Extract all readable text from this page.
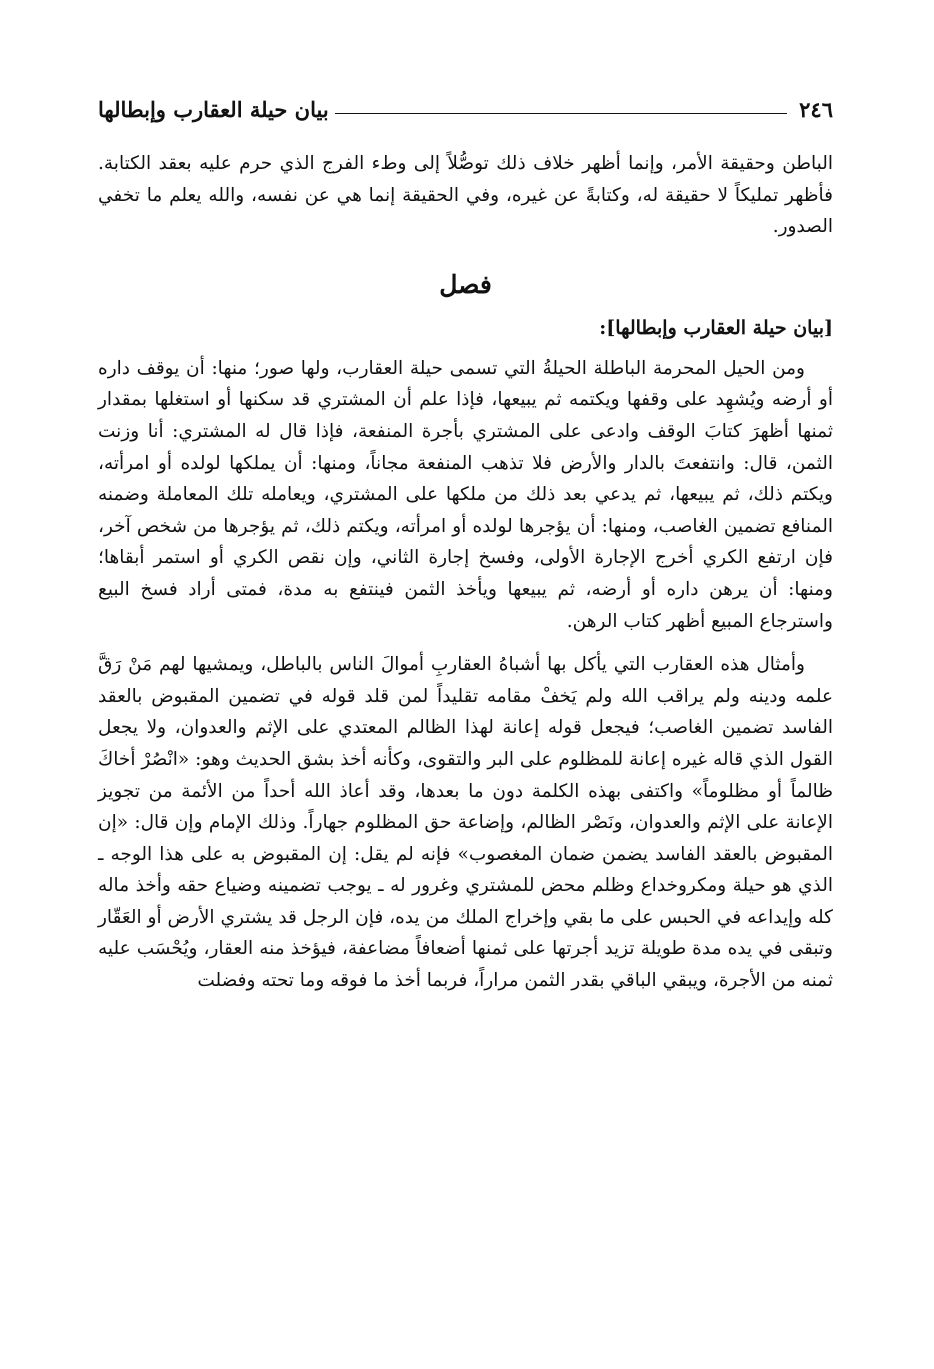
٢٤٦
بيان حيلة العقارب وإبطالها

الباطن وحقيقة الأمر، وإنما أظهر خلاف ذلك توصُّلاً إلى وطء الفرج الذي حرم عليه بعقد الكتابة. فأظهر تمليكاً لا حقيقة له، وكتابةً عن غيره، وفي الحقيقة إنما هي عن نفسه، والله يعلم ما تخفي الصدور.

فصل
[بيان حيلة العقارب وإبطالها]:

ومن الحيل المحرمة الباطلة الحيلةُ التي تسمى حيلة العقارب، ولها صور؛ منها: أن يوقف داره أو أرضه ويُشهِد على وقفها ويكتمه ثم يبيعها، فإذا علم أن المشتري قد سكنها أو استغلها بمقدار ثمنها أظهرَ كتابَ الوقف وادعى على المشتري بأجرة المنفعة، فإذا قال له المشتري: أنا وزنت الثمن، قال: وانتفعتَ بالدار والأرض فلا تذهب المنفعة مجاناً، ومنها: أن يملكها لولده أو امرأته، ويكتم ذلك، ثم يبيعها، ثم يدعي بعد ذلك من ملكها على المشتري، ويعامله تلك المعاملة وضمنه المنافع تضمين الغاصب، ومنها: أن يؤجرها لولده أو امرأته، ويكتم ذلك، ثم يؤجرها من شخص آخر، فإن ارتفع الكري أخرج الإجارة الأولى، وفسخ إجارة الثاني، وإن نقص الكري أو استمر أبقاها؛ ومنها: أن يرهن داره أو أرضه، ثم يبيعها ويأخذ الثمن فينتفع به مدة، فمتى أراد فسخ البيع واسترجاع المبيع أظهر كتاب الرهن.

وأمثال هذه العقارب التي يأكل بها أشباهُ العقاربِ أموالَ الناس بالباطل، ويمشيها لهم مَنْ رَقَّ علمه ودينه ولم يراقب الله ولم يَخفْ مقامه تقليداً لمن قلد قوله في تضمين المقبوض بالعقد الفاسد تضمين الغاصب؛ فيجعل قوله إعانة لهذا الظالم المعتدي على الإثم والعدوان، ولا يجعل القول الذي قاله غيره إعانة للمظلوم على البر والتقوى، وكأنه أخذ بشق الحديث وهو: «انْصُرْ أخاكَ ظالماً أو مظلوماً» واكتفى بهذه الكلمة دون ما بعدها، وقد أعاذ الله أحداً من الأئمة من تجويز الإعانة على الإثم والعدوان، ونَصْر الظالم، وإضاعة حق المظلوم جهاراً. وذلك الإمام وإن قال: «إن المقبوض بالعقد الفاسد يضمن ضمان المغصوب» فإنه لم يقل: إن المقبوض به على هذا الوجه ـ الذي هو حيلة ومكروخداع وظلم محض للمشتري وغرور له ـ يوجب تضمينه وضياع حقه وأخذ ماله كله وإيداعه في الحبس على ما بقي وإخراج الملك من يده، فإن الرجل قد يشتري الأرض أو العَقّار وتبقى في يده مدة طويلة تزيد أجرتها على ثمنها أضعافاً مضاعفة، فيؤخذ منه العقار، ويُحْسَب عليه ثمنه من الأجرة، ويبقي الباقي بقدر الثمن مراراً، فربما أخذ ما فوقه وما تحته وفضلت
